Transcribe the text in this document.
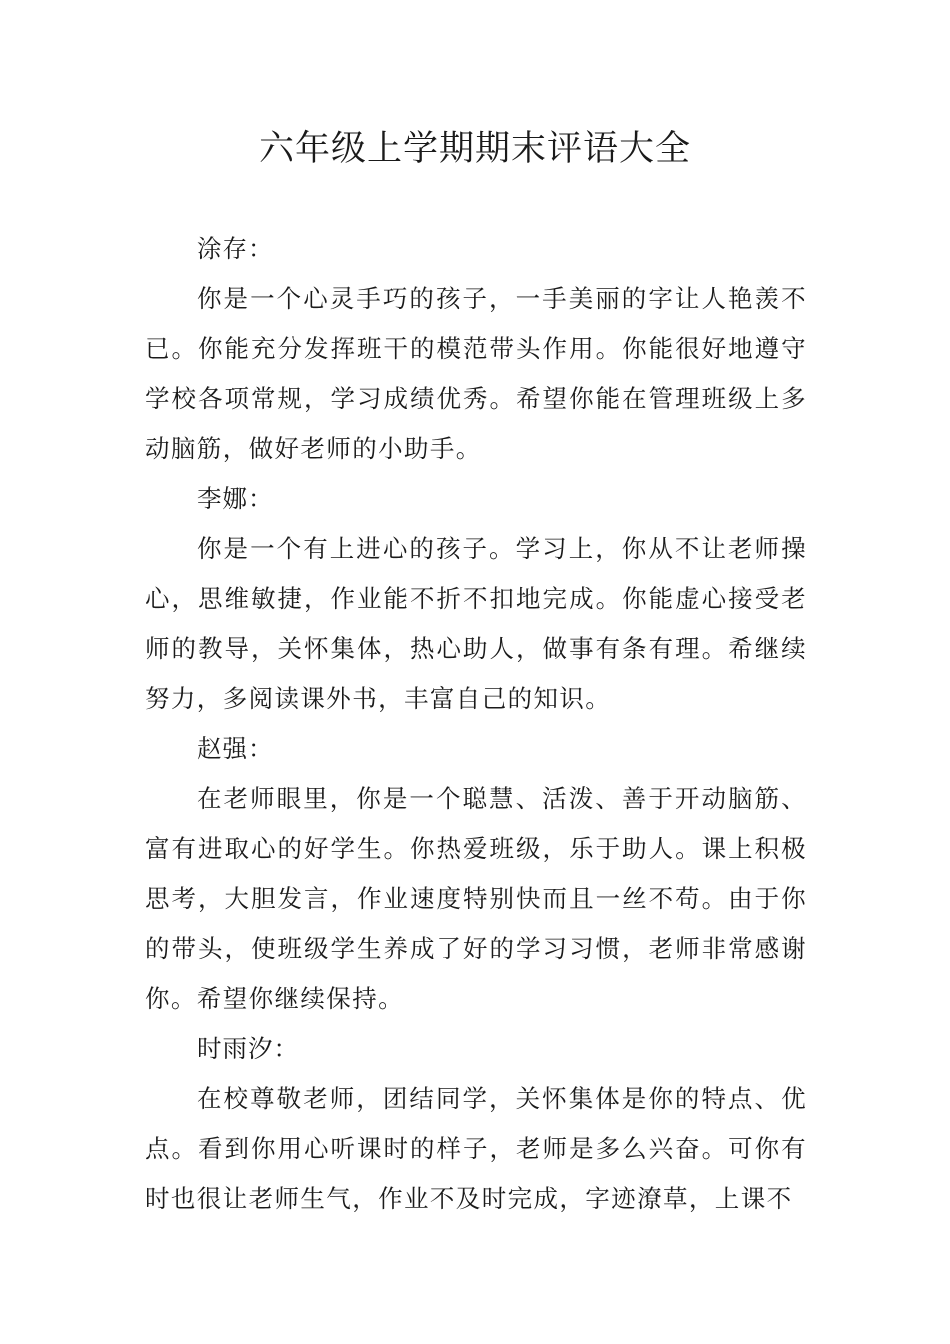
六年级上学期期末评语大全

涂存：

你是一个心灵手巧的孩子，一手美丽的字让人艳羡不已。你能充分发挥班干的模范带头作用。你能很好地遵守学校各项常规，学习成绩优秀。希望你能在管理班级上多动脑筋，做好老师的小助手。

李娜：

你是一个有上进心的孩子。学习上，你从不让老师操心，思维敏捷，作业能不折不扣地完成。你能虚心接受老师的教导，关怀集体，热心助人，做事有条有理。希继续努力，多阅读课外书，丰富自己的知识。

赵强：

在老师眼里，你是一个聪慧、活泼、善于开动脑筋、富有进取心的好学生。你热爱班级，乐于助人。课上积极思考，大胆发言，作业速度特别快而且一丝不苟。由于你的带头，使班级学生养成了好的学习习惯，老师非常感谢你。希望你继续保持。

时雨汐：

在校尊敬老师，团结同学，关怀集体是你的特点、优点。看到你用心听课时的样子，老师是多么兴奋。可你有时也很让老师生气，作业不及时完成，字迹潦草，上课不
